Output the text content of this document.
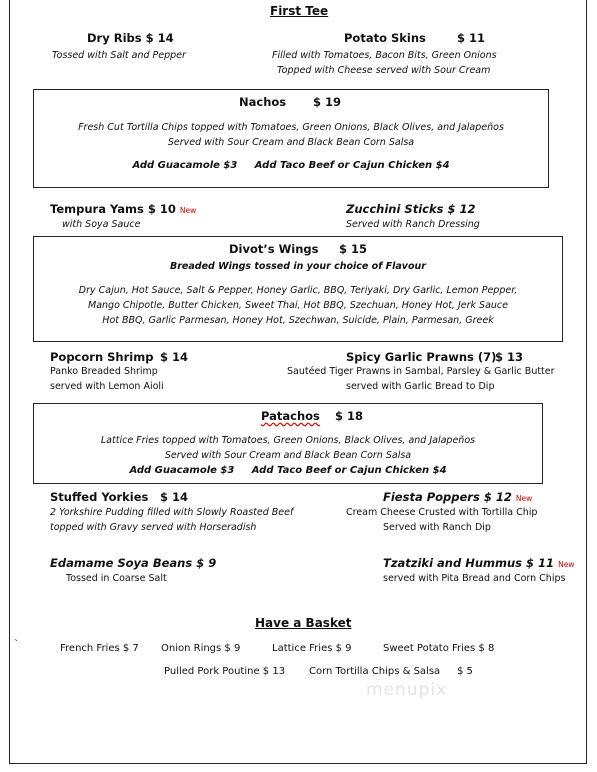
First Tee
Dry Ribs $ 14
Tossed with Salt and Pepper
Potato Skins	$ 11
Filled with Tomatoes, Bacon Bits, Green Onions
Topped with Cheese served with Sour Cream
Nachos $ 19
Fresh Cut Tortilla Chips topped with Tomatoes, Green Onions, Black Olives, and Jalapeños
Served with Sour Cream and Black Bean Corn Salsa
Add Guacamole $3     Add Taco Beef or Cajun Chicken $4
Tempura Yams $ 10 New
with Soya Sauce
Zucchini Sticks $ 12
Served with Ranch Dressing
Divot’s Wings $ 15
Breaded Wings tossed in your choice of Flavour
Dry Cajun, Hot Sauce, Salt & Pepper, Honey Garlic, BBQ, Teriyaki, Dry Garlic, Lemon Pepper,
Mango Chipotle, Butter Chicken, Sweet Thai, Hot BBQ, Szechuan, Honey Hot, Jerk Sauce
Hot BBQ, Garlic Parmesan, Honey Hot, Szechwan, Suicide, Plain, Parmesan, Greek
Popcorn Shrimp $ 14
Panko Breaded Shrimp
served with Lemon Aioli
Spicy Garlic Prawns (7)
$ 13
Sautéed Tiger Prawns in Sambal, Parsley & Garlic Butter
served with Garlic Bread to Dip
Patachos $ 18
Lattice Fries topped with Tomatoes, Green Onions, Black Olives, and Jalapeños
Served with Sour Cream and Black Bean Corn Salsa
Add Guacamole $3     Add Taco Beef or Cajun Chicken $4
Stuffed Yorkies $ 14
2 Yorkshire Pudding filled with Slowly Roasted Beef
topped with Gravy served with Horseradish
Fiesta Poppers $ 12 New
Cream Cheese Crusted with Tortilla Chip
Served with Ranch Dip
Edamame Soya Beans $ 9
Tossed in Coarse Salt
Tzatziki and Hummus $ 11 New
served with Pita Bread and Corn Chips
Have a Basket
`	French Fries $ 7 Onion Rings $ 9	Lattice Fries $ 9	Sweet Potato Fries $ 8
Pulled Pork Poutine $ 13 Corn Tortilla Chips & Salsa $ 5
menupix
